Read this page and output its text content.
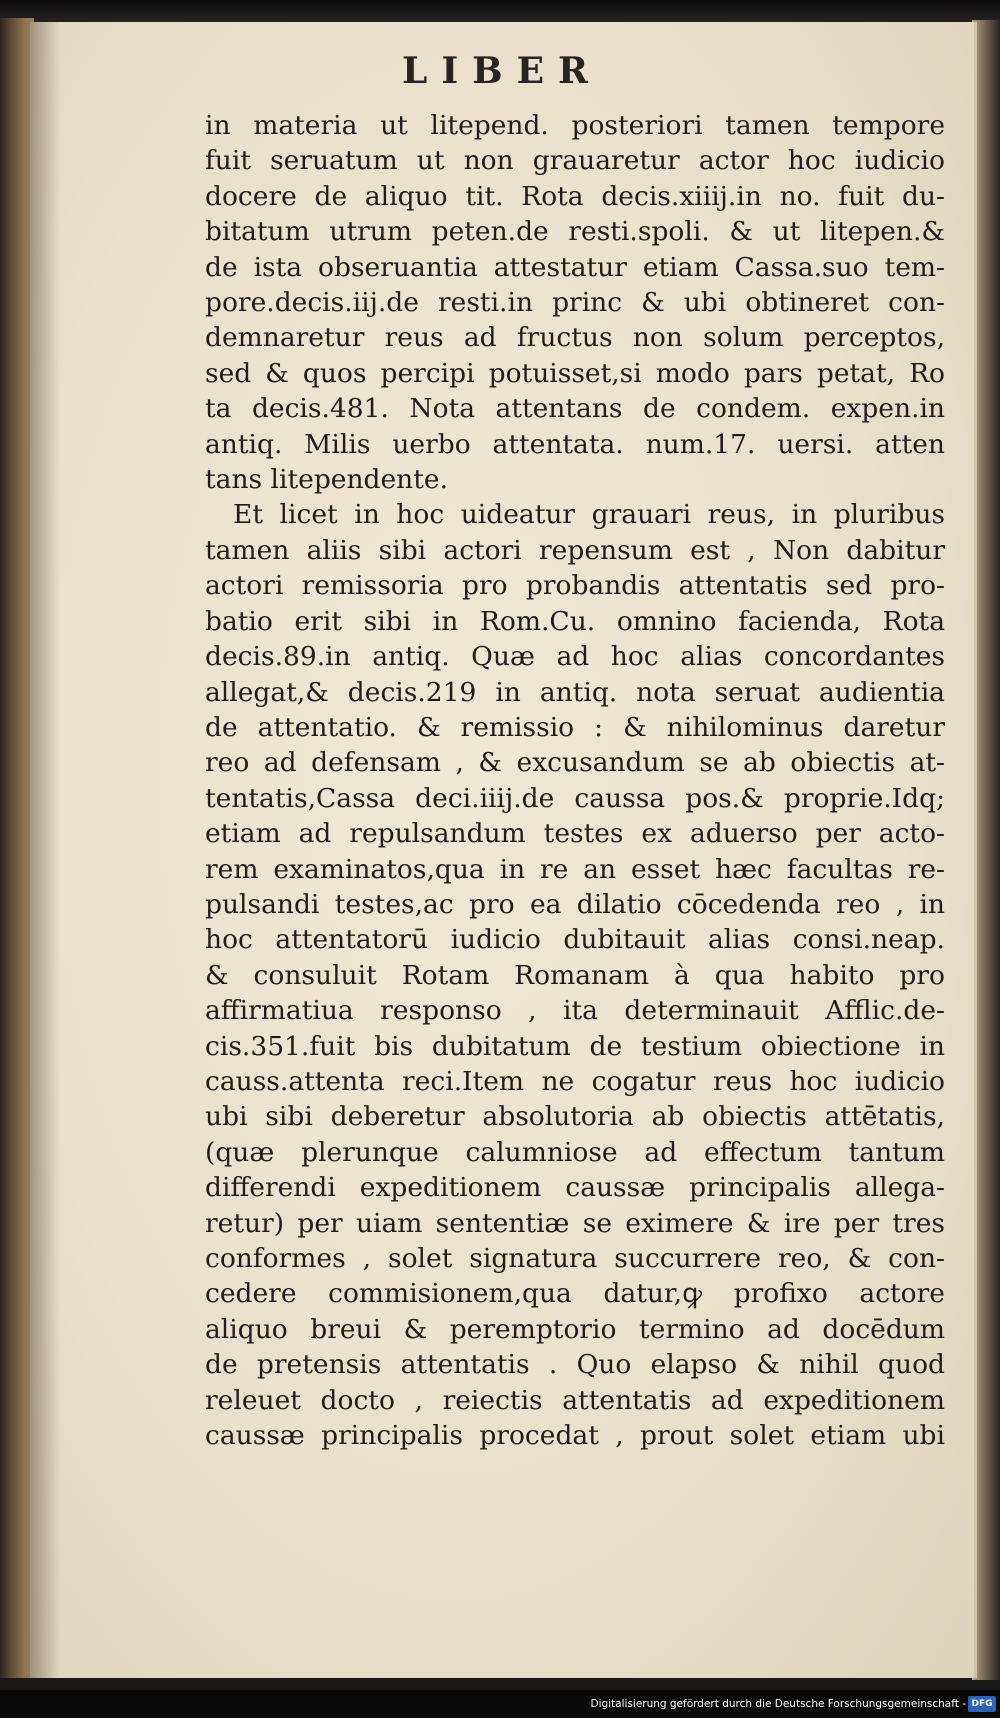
LIBER
in materia ut litepend. posteriori tamen tempore
fuit seruatum ut non grauaretur actor hoc iudicio
docere de aliquo tit. Rota decis.xiiij.in no. fuit du-
bitatum utrum peten.de resti.spoli. & ut litepen.&
de ista obseruantia attestatur etiam Cassa.suo tem-
pore.decis.iij.de resti.in princ & ubi obtineret con-
demnaretur reus ad fructus non solum perceptos,
sed & quos percipi potuisset,si modo pars petat, Ro
ta decis.481. Nota attentans de condem. expen.in
antiq. Milis uerbo attentata. num.17. uersi. atten
tans litependente.
Et licet in hoc uideatur grauari reus, in pluribus
tamen aliis sibi actori repensum est , Non dabitur
actori remissoria pro probandis attentatis sed pro-
batio erit sibi in Rom.Cu. omnino facienda, Rota
decis.89.in antiq. Quæ ad hoc alias concordantes
allegat,& decis.219 in antiq. nota seruat audientia
de attentatio. & remissio : & nihilominus daretur
reo ad defensam , & excusandum se ab obiectis at-
tentatis,Cassa deci.iiij.de caussa pos.& proprie.Idq;
etiam ad repulsandum testes ex aduerso per acto-
rem examinatos,qua in re an esset hæc facultas re-
pulsandi testes,ac pro ea dilatio cōcedenda reo , in
hoc attentatorū iudicio dubitauit alias consi.neap.
& consuluit Rotam Romanam à qua habito pro
affirmatiua responso , ita determinauit Afflic.de-
cis.351.fuit bis dubitatum de testium obiectione in
causs.attenta reci.Item ne cogatur reus hoc iudicio
ubi sibi deberetur absolutoria ab obiectis attētatis,
(quæ plerunque calumniose ad effectum tantum
differendi expeditionem caussæ principalis allega-
retur) per uiam sententiæ se eximere & ire per tres
conformes , solet signatura succurrere reo, & con-
cedere commisionem,qua datur,ꝙ profixo actore
aliquo breui & peremptorio termino ad docēdum
de pretensis attentatis . Quo elapso & nihil quod
releuet docto , reiectis attentatis ad expeditionem
caussæ principalis procedat , prout solet etiam ubi
Digitalisierung gefördert durch die Deutsche Forschungsgemeinschaft - DFG
